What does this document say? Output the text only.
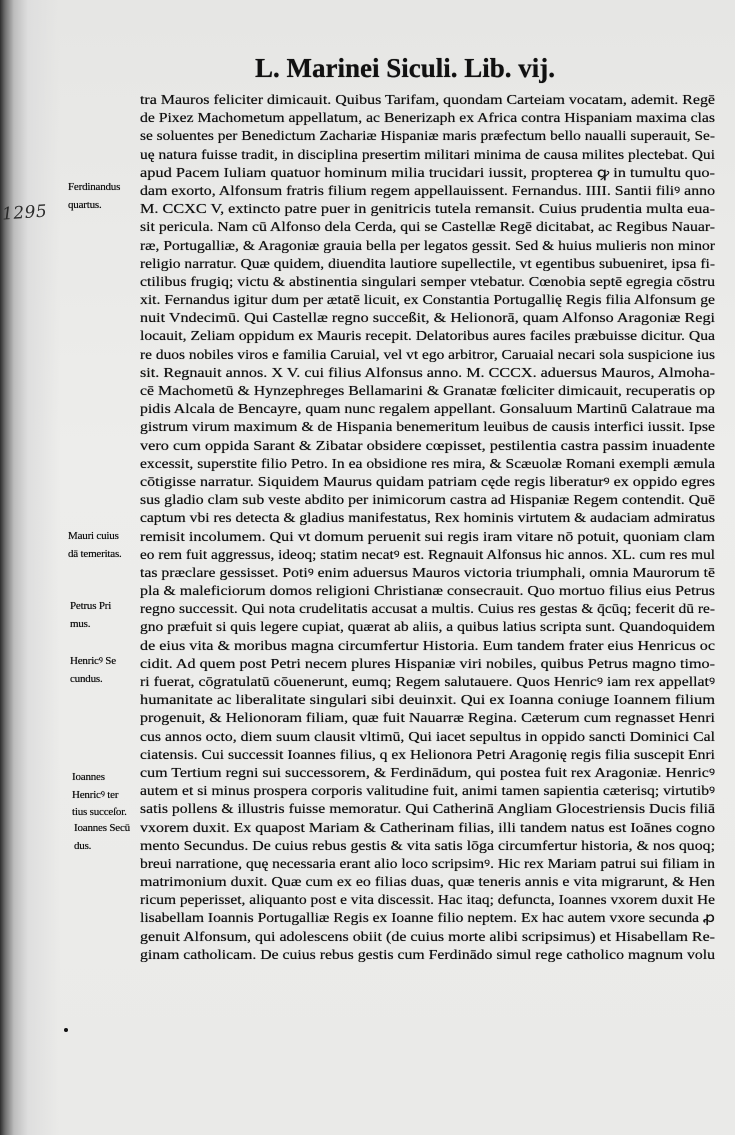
L. Marinei Siculi. Lib. vij.
1295
Ferdinandus
quartus.
Mauri cuius
dā temeritas.
Petrus Pri
mus.
Henricꝰ Se
cundus.
Ioannes
Henricꝰ ter
tius succeſor.
Ioannes Secū
dus.
tra Mauros feliciter dimicauit. Quibus Tarifam, quondam Carteiam vocatam, ademit. Regē
de Pixez Machometum appellatum, ac Benerizaph ex Africa contra Hispaniam maxima clas
se soluentes per Benedictum Zachariæ Hispaniæ maris præfectum bello naualli superauit, Se-
uę natura fuisse tradit, in disciplina presertim militari minima de causa milites plectebat. Qui
apud Pacem Iuliam quatuor hominum milia trucidari iussit, propterea ꝙ in tumultu quo-
dam exorto, Alfonsum fratris filium regem appellauissent. Fernandus. IIII. Santii filiꝰ anno
M. CCXC V, extincto patre puer in genitricis tutela remansit. Cuius prudentia multa eua-
sit pericula. Nam cū Alfonso dela Cerda, qui se Castellæ Regē dicitabat, ac Regibus Nauar-
ræ, Portugalliæ, & Aragoniæ grauia bella per legatos gessit. Sed & huius mulieris non minor
religio narratur. Quæ quidem, diuendita lautiore supellectile, vt egentibus subueniret, ipsa fi-
ctilibus frugiq; victu & abstinentia singulari semper vtebatur. Cœnobia septē egregia cōstru
xit. Fernandus igitur dum per ætatē licuit, ex Constantia Portugallię Regis filia Alfonsum ge
nuit Vndecimū. Qui Castellæ regno succeßit, & Helionorā, quam Alfonso Aragoniæ Regi
locauit, Zeliam oppidum ex Mauris recepit. Delatoribus aures faciles præbuisse dicitur. Qua
re duos nobiles viros e familia Caruial, vel vt ego arbitror, Caruaial necari sola suspicione ius
sit. Regnauit annos. X V. cui filius Alfonsus anno. M. CCCX. aduersus Mauros, Almoha-
cē Machometū & Hynzephreges Bellamarini & Granatæ fœliciter dimicauit, recuperatis op
pidis Alcala de Bencayre, quam nunc regalem appellant. Gonsaluum Martinū Calatraue ma
gistrum virum maximum & de Hispania benemeritum leuibus de causis interfici iussit. Ipse
vero cum oppida Sarant & Zibatar obsidere cœpisset, pestilentia castra passim inuadente
excessit, superstite filio Petro. In ea obsidione res mira, & Scæuolæ Romani exempli æmula
cōtigisse narratur. Siquidem Maurus quidam patriam cęde regis liberaturꝰ ex oppido egres
sus gladio clam sub veste abdito per inimicorum castra ad Hispaniæ Regem contendit. Quē
captum vbi res detecta & gladius manifestatus, Rex hominis virtutem & audaciam admiratus
remisit incolumem. Qui vt domum peruenit sui regis iram vitare nō potuit, quoniam clam
eo rem fuit aggressus, ideoq; statim necatꝰ est. Regnauit Alfonsus hic annos. XL. cum res mul
tas præclare gessisset. Potiꝰ enim aduersus Mauros victoria triumphali, omnia Maurorum tē
pla & maleficiorum domos religioni Christianæ consecrauit. Quo mortuo filius eius Petrus
regno successit. Qui nota crudelitatis accusat a multis. Cuius res gestas & q̄cūq; fecerit dū re-
gno præfuit si quis legere cupiat, quærat ab aliis, a quibus latius scripta sunt. Quandoquidem
de eius vita & moribus magna circumfertur Historia. Eum tandem frater eius Henricus oc
cidit. Ad quem post Petri necem plures Hispaniæ viri nobiles, quibus Petrus magno timo-
ri fuerat, cōgratulatū cōuenerunt, eumq; Regem salutauere. Quos Henricꝰ iam rex appellatꝰ
humanitate ac liberalitate singulari sibi deuinxit. Qui ex Ioanna coniuge Ioannem filium
progenuit, & Helionoram filiam, quæ fuit Nauarræ Regina. Cæterum cum regnasset Henri
cus annos octo, diem suum clausit vltimū, Qui iacet sepultus in oppido sancti Dominici Cal
ciatensis. Cui successit Ioannes filius, q ex Helionora Petri Aragonię regis filia suscepit Enri
cum Tertium regni sui successorem, & Ferdinādum, qui postea fuit rex Aragoniæ. Henricꝰ
autem et si minus prospera corporis valitudine fuit, animi tamen sapientia cæterisq; virtutibꝰ
satis pollens & illustris fuisse memoratur. Qui Catherinā Angliam Glocestriensis Ducis filiā
vxorem duxit. Ex quapost Mariam & Catherinam filias, illi tandem natus est Ioānes cogno
mento Secundus. De cuius rebus gestis & vita satis lōga circumfertur historia, & nos quoq;
breui narratione, quę necessaria erant alio loco scripsimꝰ. Hic rex Mariam patrui sui filiam in
matrimonium duxit. Quæ cum ex eo filias duas, quæ teneris annis e vita migrarunt, & Hen
ricum peperisset, aliquanto post e vita discessit. Hac itaq; defuncta, Ioannes vxorem duxit He
lisabellam Ioannis Portugalliæ Regis ex Ioanne filio neptem. Ex hac autem vxore secunda ꝓ
genuit Alfonsum, qui adolescens obiit (de cuius morte alibi scripsimus) et Hisabellam Re-
ginam catholicam. De cuius rebus gestis cum Ferdinādo simul rege catholico magnum volu
